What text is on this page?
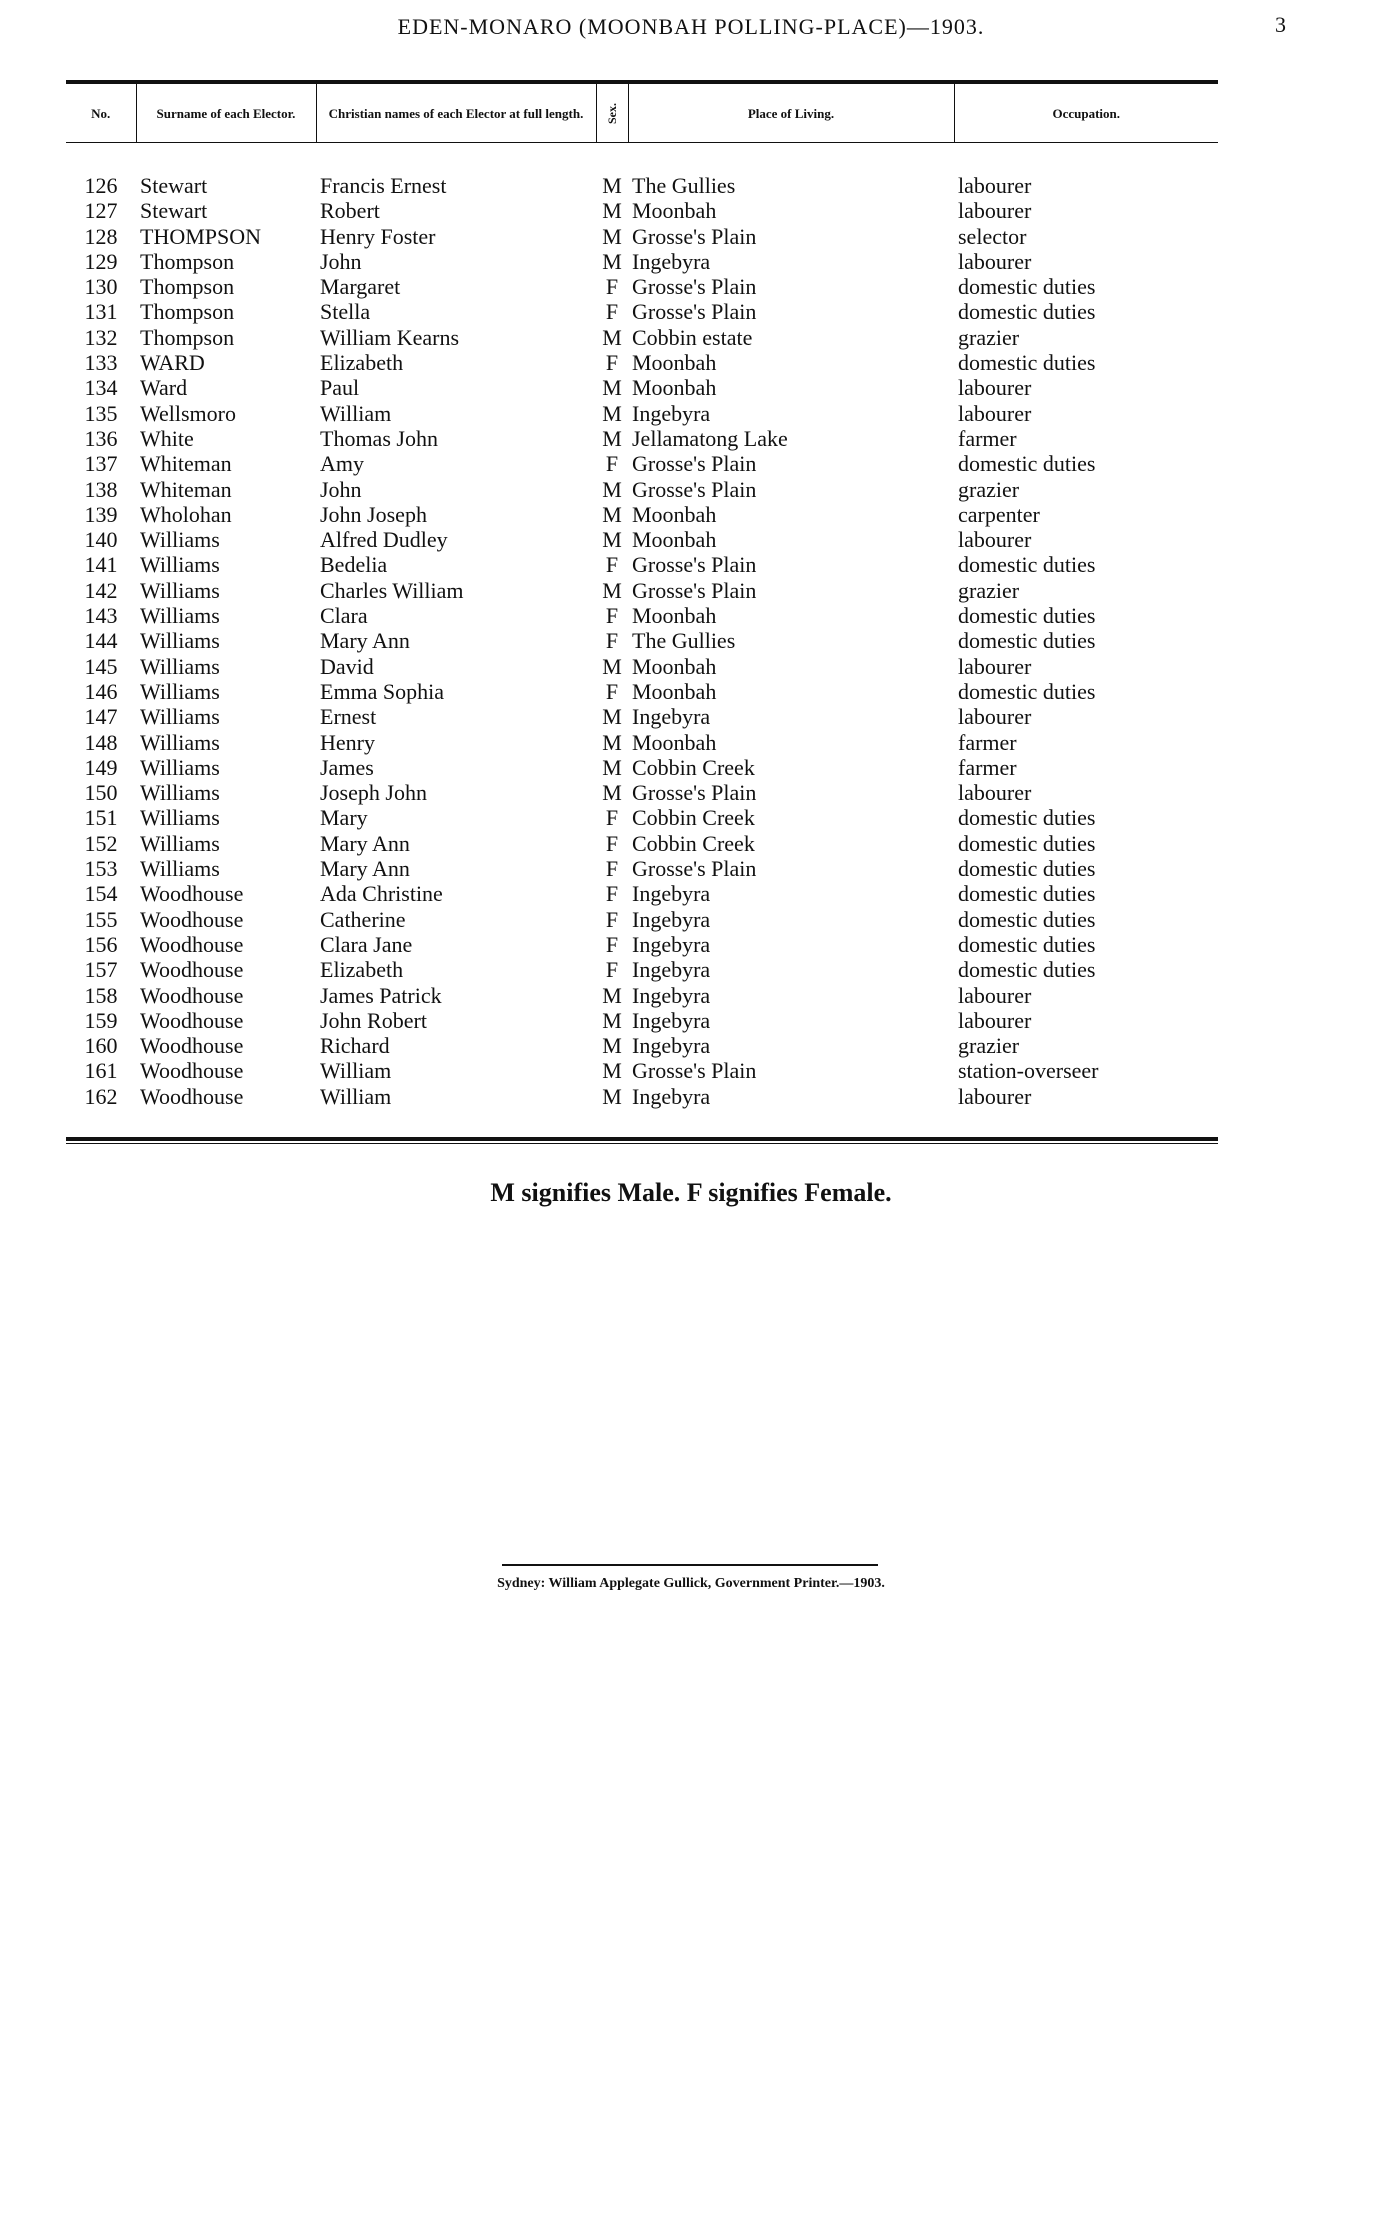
EDEN-MONARO (MOONBAH POLLING-PLACE)—1903.	3
No.	Surname of each Elector.	Christian names of each Elector at full length.	Sex.	Place of Living.	Occupation.

126	Stewart	Francis Ernest	M	The Gullies	labourer
127	Stewart	Robert	M	Moonbah	labourer
128	THOMPSON	Henry Foster	M	Grosse's Plain	selector
129	Thompson	John	M	Ingebyra	labourer
130	Thompson	Margaret	F	Grosse's Plain	domestic duties
131	Thompson	Stella	F	Grosse's Plain	domestic duties
132	Thompson	William Kearns	M	Cobbin estate	grazier
133	WARD	Elizabeth	F	Moonbah	domestic duties
134	Ward	Paul	M	Moonbah	labourer
135	Wellsmoro	William	M	Ingebyra	labourer
136	White	Thomas John	M	Jellamatong Lake	farmer
137	Whiteman	Amy	F	Grosse's Plain	domestic duties
138	Whiteman	John	M	Grosse's Plain	grazier
139	Wholohan	John Joseph	M	Moonbah	carpenter
140	Williams	Alfred Dudley	M	Moonbah	labourer
141	Williams	Bedelia	F	Grosse's Plain	domestic duties
142	Williams	Charles William	M	Grosse's Plain	grazier
143	Williams	Clara	F	Moonbah	domestic duties
144	Williams	Mary Ann	F	The Gullies	domestic duties
145	Williams	David	M	Moonbah	labourer
146	Williams	Emma Sophia	F	Moonbah	domestic duties
147	Williams	Ernest	M	Ingebyra	labourer
148	Williams	Henry	M	Moonbah	farmer
149	Williams	James	M	Cobbin Creek	farmer
150	Williams	Joseph John	M	Grosse's Plain	labourer
151	Williams	Mary	F	Cobbin Creek	domestic duties
152	Williams	Mary Ann	F	Cobbin Creek	domestic duties
153	Williams	Mary Ann	F	Grosse's Plain	domestic duties
154	Woodhouse	Ada Christine	F	Ingebyra	domestic duties
155	Woodhouse	Catherine	F	Ingebyra	domestic duties
156	Woodhouse	Clara Jane	F	Ingebyra	domestic duties
157	Woodhouse	Elizabeth	F	Ingebyra	domestic duties
158	Woodhouse	James Patrick	M	Ingebyra	labourer
159	Woodhouse	John Robert	M	Ingebyra	labourer
160	Woodhouse	Richard	M	Ingebyra	grazier
161	Woodhouse	William	M	Grosse's Plain	station-overseer
162	Woodhouse	William	M	Ingebyra	labourer
M signifies Male. F signifies Female.
Sydney: William Applegate Gullick, Government Printer.—1903.
